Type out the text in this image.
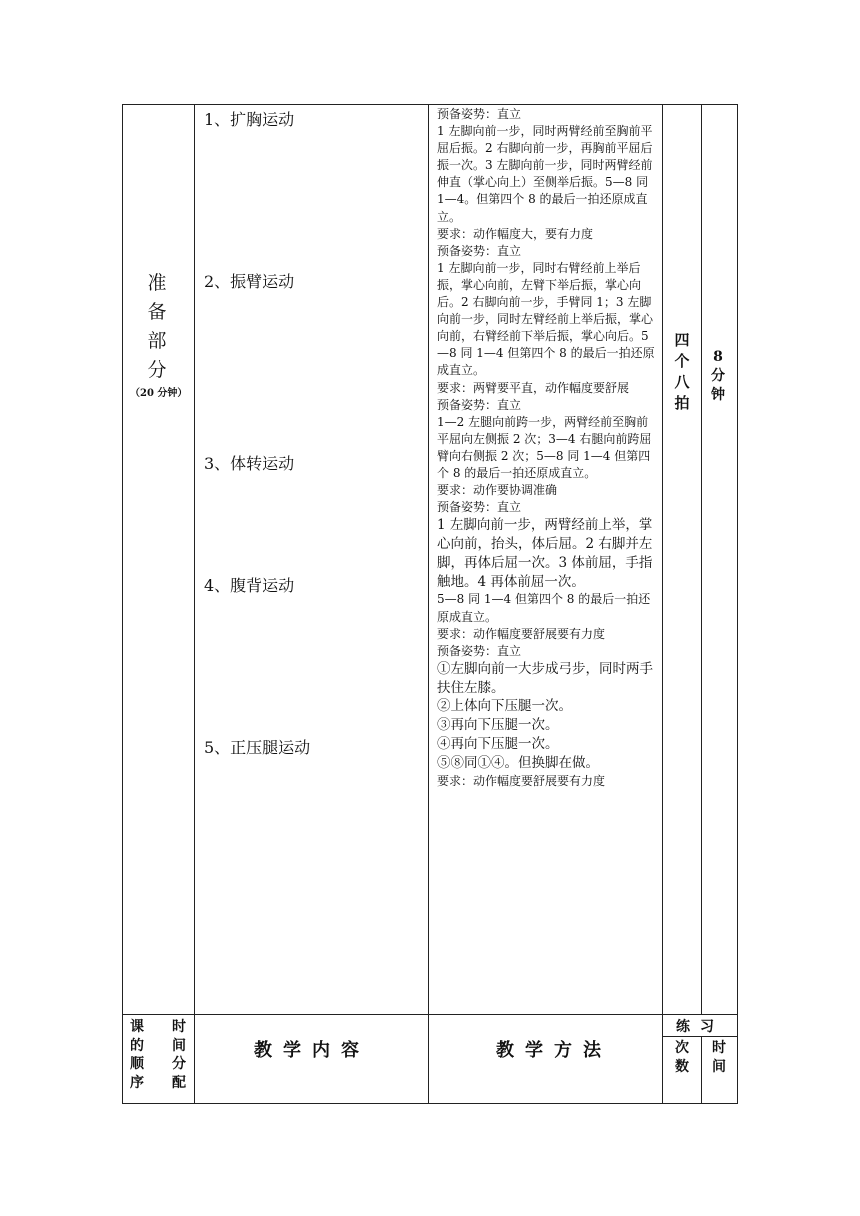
准
备
部
分
（20 分钟）
1、扩胸运动
2、振臂运动
3、体转运动
4、腹背运动
5、正压腿运动
预备姿势：直立
1 左脚向前一步，同时两臂经前至胸前平屈后振。2 右脚向前一步，再胸前平屈后振一次。3 左脚向前一步，同时两臂经前伸直（掌心向上）至侧举后振。5—8 同 1—4。但第四个 8 的最后一拍还原成直立。
要求：动作幅度大，要有力度
预备姿势：直立
1 左脚向前一步，同时右臂经前上举后振，掌心向前，左臂下举后振，掌心向后。2 右脚向前一步，手臂同 1；3 左脚向前一步，同时左臂经前上举后振，掌心向前，右臂经前下举后振，掌心向后。5—8 同 1—4 但第四个 8 的最后一拍还原成直立。
要求：两臂要平直，动作幅度要舒展
预备姿势：直立
1—2 左腿向前跨一步，两臂经前至胸前平屈向左侧振 2 次；3—4 右腿向前跨屈臂向右侧振 2 次；5—8 同 1—4 但第四个 8 的最后一拍还原成直立。
要求：动作要协调准确
预备姿势：直立
1 左脚向前一步，两臂经前上举，掌心向前，抬头，体后屈。2 右脚并左脚，再体后屈一次。3 体前屈，手指触地。4 再体前屈一次。
5—8 同 1—4 但第四个 8 的最后一拍还原成直立。
要求：动作幅度要舒展要有力度
预备姿势：直立
①左脚向前一大步成弓步，同时两手扶住左膝。
②上体向下压腿一次。
③再向下压腿一次。
④再向下压腿一次。
⑤⑧同①④。但换脚在做。
要求：动作幅度要舒展要有力度
四
个
八
拍
8
分
钟
课 时
的 间
顺 分
序 配
教学内容	教学方法
练习
次
数
时
间
